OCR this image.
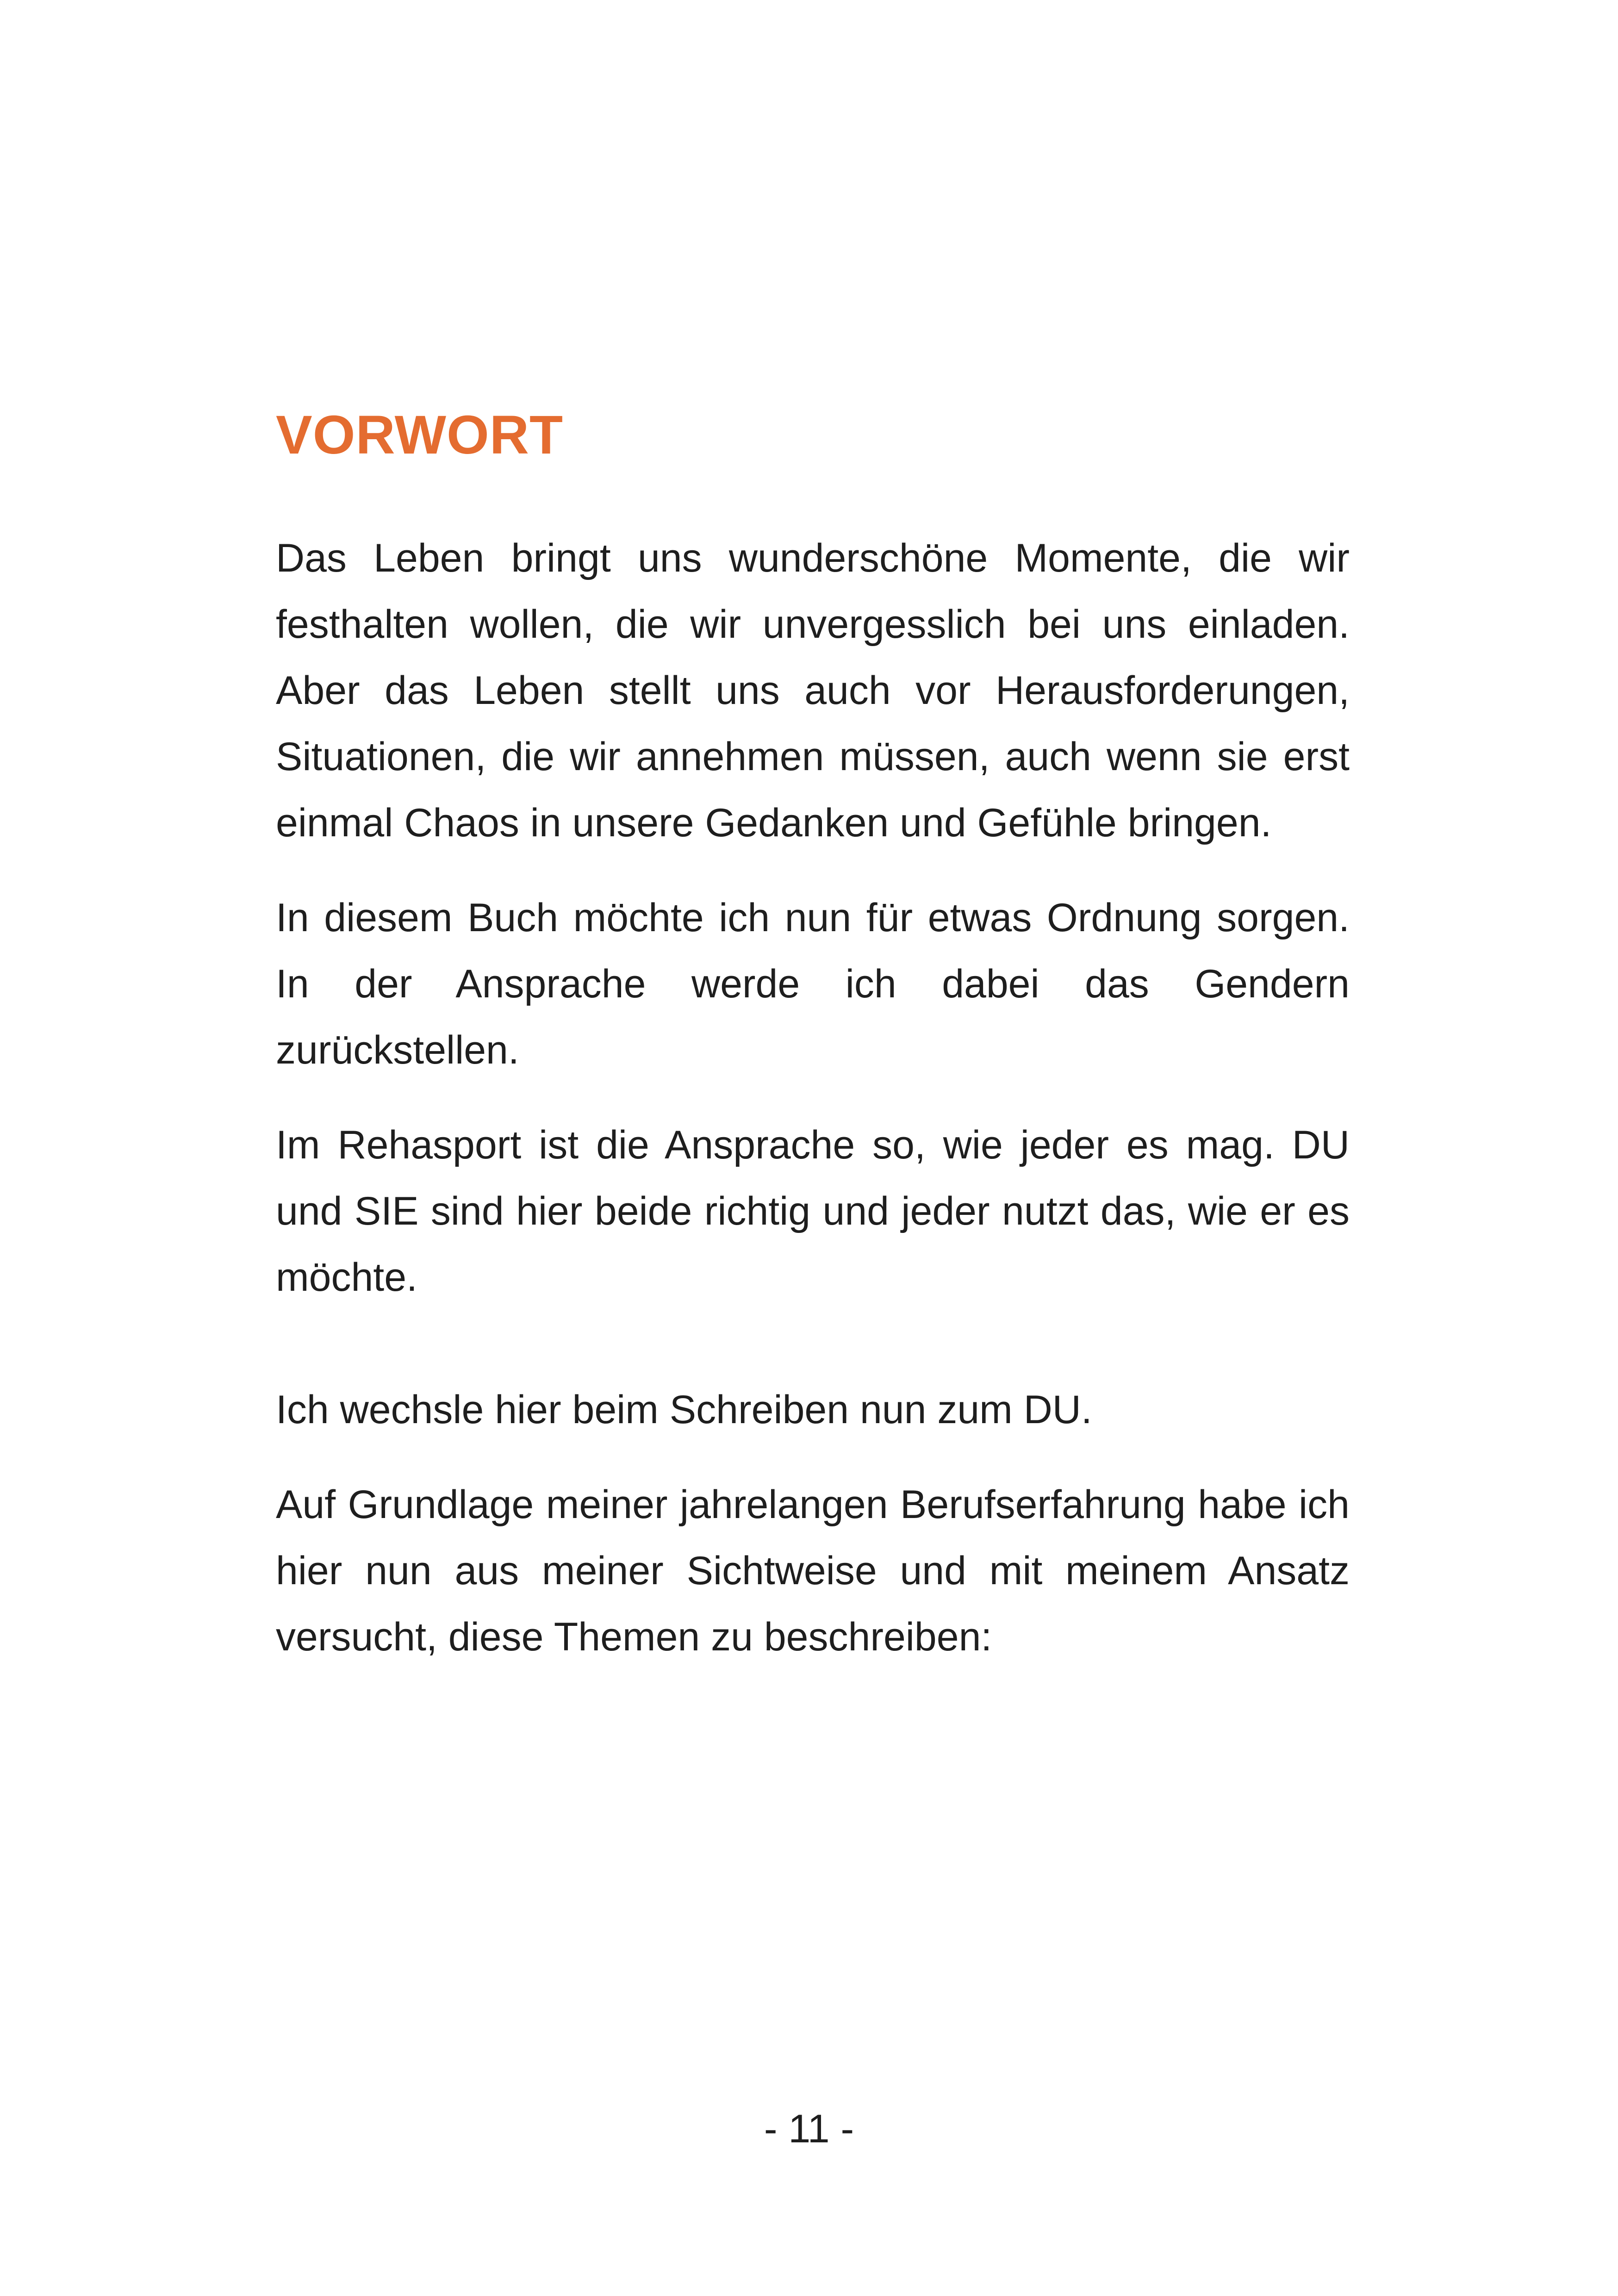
VORWORT

Das Leben bringt uns wunderschöne Momente, die wir festhalten wollen, die wir unvergesslich bei uns einladen. Aber das Leben stellt uns auch vor Herausforderungen, Situationen, die wir annehmen müssen, auch wenn sie erst einmal Chaos in unsere Gedanken und Gefühle bringen.

In diesem Buch möchte ich nun für etwas Ordnung sorgen. In der Ansprache werde ich dabei das Gendern zurückstellen.

Im Rehasport ist die Ansprache so, wie jeder es mag. DU und SIE sind hier beide richtig und jeder nutzt das, wie er es möchte.

Ich wechsle hier beim Schreiben nun zum DU.

Auf Grundlage meiner jahrelangen Berufserfahrung habe ich hier nun aus meiner Sichtweise und mit meinem Ansatz versucht, diese Themen zu beschreiben:

- 11 -
